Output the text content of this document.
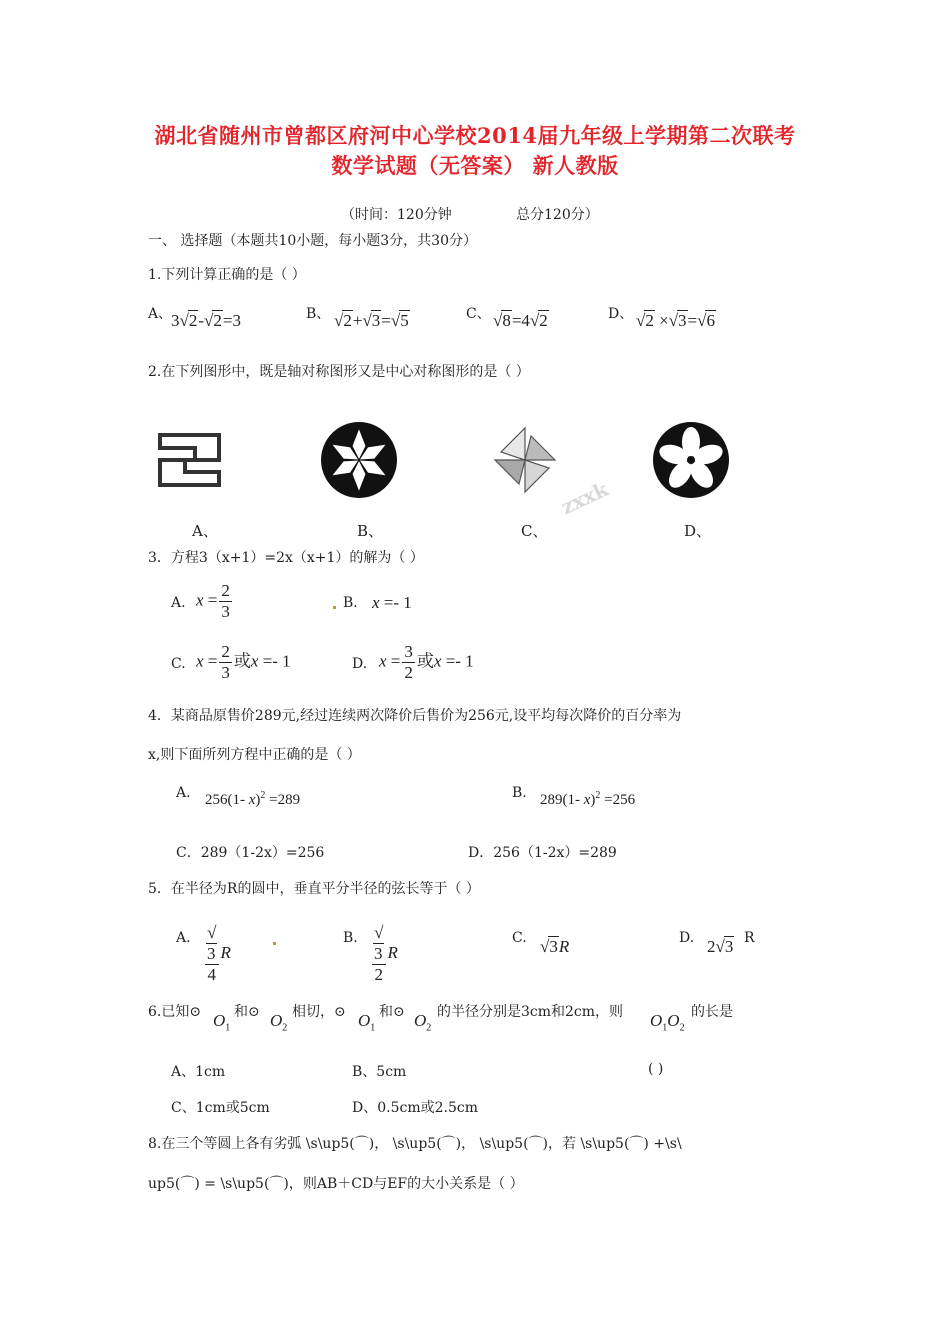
湖北省随州市曾都区府河中心学校2014届九年级上学期第二次联考
数学试题（无答案） 新人教版
（时间：120分钟	总分120分）
一、 选择题（本题共10小题，每小题3分，共30分）
1.下列计算正确的是（ ）
A、
3√2-√2=3	B、 √2+√3=√5	C、 √8=4√2	D、 √2 ×√3=√6
2.在下列图形中，既是轴对称图形又是中心对称图形的是（ ）
zxxk
A、	B、	C、	D、
3．方程3（x+1）=2x（x+1）的解为（ ）
A. $x = \frac{2}{3}$	B. x =- 1
C. $x = \frac{2}{3}$ 或x =- 1	D. $x = \frac{3}{2}$ 或x =- 1
4．某商品原售价289元,经过连续两次降价后售价为256元,设平均每次降价的百分率为
x,则下面所列方程中正确的是（ ）
A. 256(1- x)$^2$ =289	B. 289(1- x)$^2$ =256
C．289（1-2x）=256	D．256（1-2x）=289
5．在半径为R的圆中，垂直平分半径的弦长等于（ ）
A. √
3
4 R
B. √
3
2 R
C. √3R	D. 2√3 R
6.已知⊙ $O_1$
和⊙ $O_2$
相切，⊙ $O_1$
和⊙ $O_2$
的半径分别是3cm和2cm，则 $O_1O_2$
的长是
A、1cm	B、5cm	( )
C、1cm或5cm	D、0.5cm或2.5cm
8.在三个等圆上各有劣弧 \s\up5(⌒)， \s\up5(⌒)， \s\up5(⌒)，若 \s\up5(⌒) +\s\
up5(⌒) = \s\up5(⌒)，则AB＋CD与EF的大小关系是（ ）
